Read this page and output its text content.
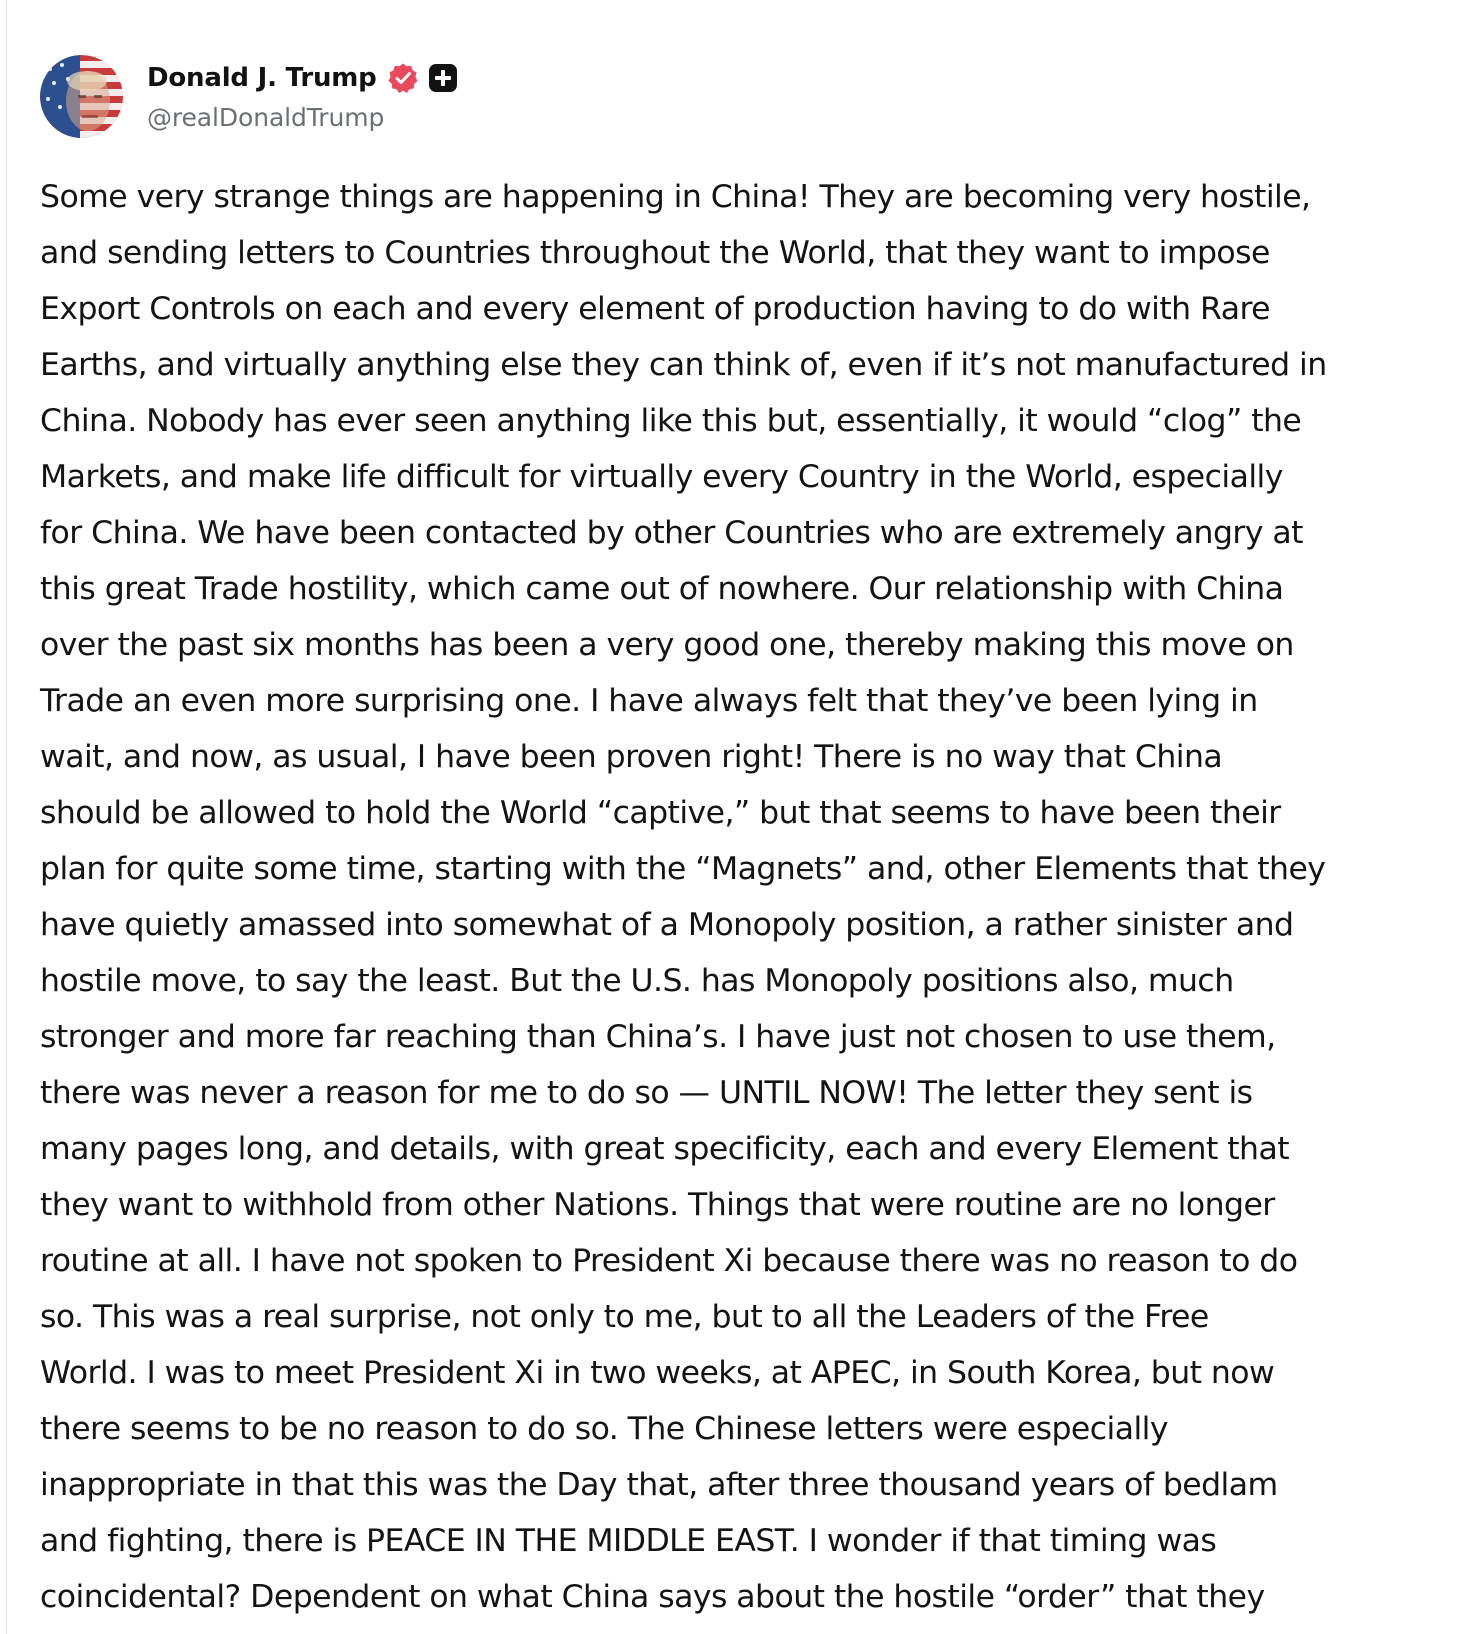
Donald J. Trump
@realDonaldTrump
Some very strange things are happening in China! They are becoming very hostile,
and sending letters to Countries throughout the World, that they want to impose
Export Controls on each and every element of production having to do with Rare
Earths, and virtually anything else they can think of, even if it’s not manufactured in
China. Nobody has ever seen anything like this but, essentially, it would “clog” the
Markets, and make life difficult for virtually every Country in the World, especially
for China. We have been contacted by other Countries who are extremely angry at
this great Trade hostility, which came out of nowhere. Our relationship with China
over the past six months has been a very good one, thereby making this move on
Trade an even more surprising one. I have always felt that they’ve been lying in
wait, and now, as usual, I have been proven right! There is no way that China
should be allowed to hold the World “captive,” but that seems to have been their
plan for quite some time, starting with the “Magnets” and, other Elements that they
have quietly amassed into somewhat of a Monopoly position, a rather sinister and
hostile move, to say the least. But the U.S. has Monopoly positions also, much
stronger and more far reaching than China’s. I have just not chosen to use them,
there was never a reason for me to do so — UNTIL NOW! The letter they sent is
many pages long, and details, with great specificity, each and every Element that
they want to withhold from other Nations. Things that were routine are no longer
routine at all. I have not spoken to President Xi because there was no reason to do
so. This was a real surprise, not only to me, but to all the Leaders of the Free
World. I was to meet President Xi in two weeks, at APEC, in South Korea, but now
there seems to be no reason to do so. The Chinese letters were especially
inappropriate in that this was the Day that, after three thousand years of bedlam
and fighting, there is PEACE IN THE MIDDLE EAST. I wonder if that timing was
coincidental? Dependent on what China says about the hostile “order” that they
